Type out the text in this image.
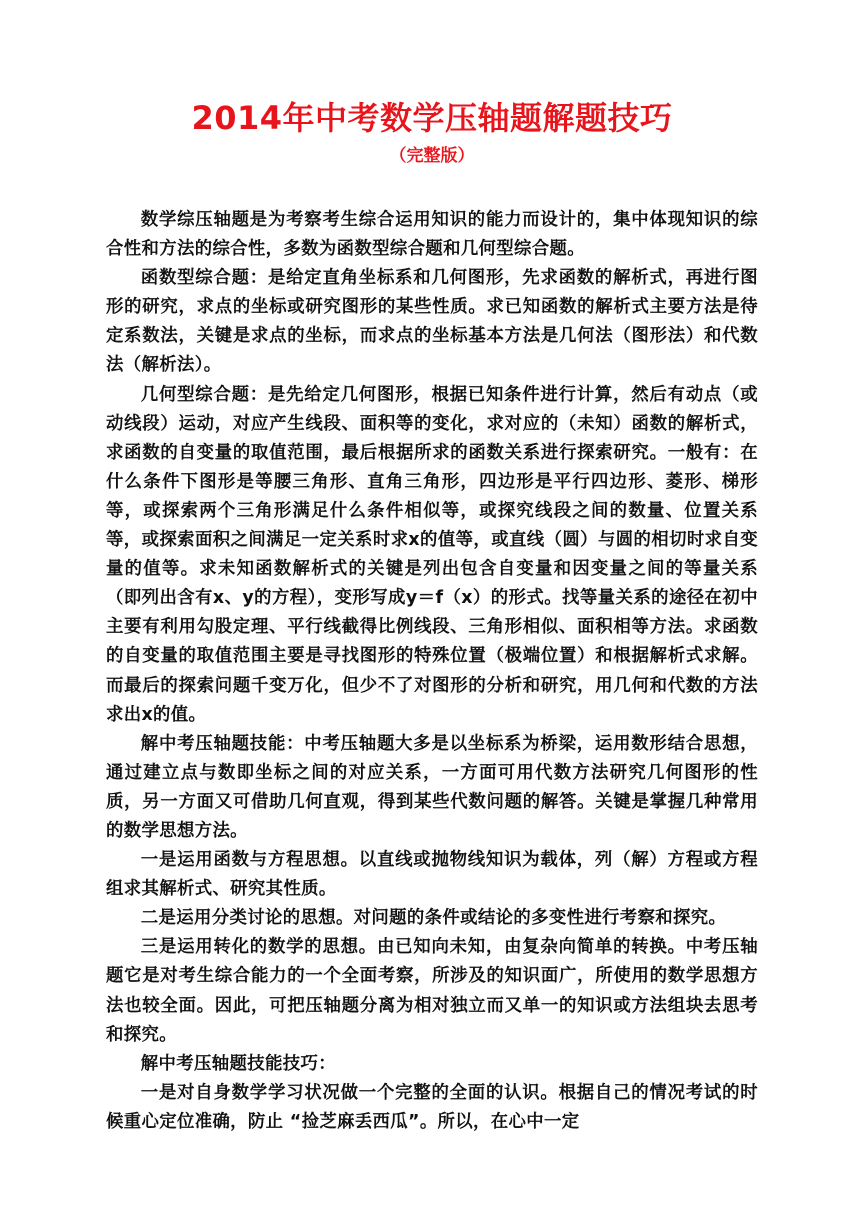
2014年中考数学压轴题解题技巧
（完整版）

数学综压轴题是为考察考生综合运用知识的能力而设计的，集中体现知识的综合性和方法的综合性，多数为函数型综合题和几何型综合题。

函数型综合题：是给定直角坐标系和几何图形，先求函数的解析式，再进行图形的研究，求点的坐标或研究图形的某些性质。求已知函数的解析式主要方法是待定系数法，关键是求点的坐标，而求点的坐标基本方法是几何法（图形法）和代数法（解析法）。

几何型综合题：是先给定几何图形，根据已知条件进行计算，然后有动点（或动线段）运动，对应产生线段、面积等的变化，求对应的（未知）函数的解析式，求函数的自变量的取值范围，最后根据所求的函数关系进行探索研究。一般有：在什么条件下图形是等腰三角形、直角三角形，四边形是平行四边形、菱形、梯形等，或探索两个三角形满足什么条件相似等，或探究线段之间的数量、位置关系等，或探索面积之间满足一定关系时求x的值等，或直线（圆）与圆的相切时求自变量的值等。求未知函数解析式的关键是列出包含自变量和因变量之间的等量关系（即列出含有x、y的方程），变形写成y＝f（x）的形式。找等量关系的途径在初中主要有利用勾股定理、平行线截得比例线段、三角形相似、面积相等方法。求函数的自变量的取值范围主要是寻找图形的特殊位置（极端位置）和根据解析式求解。而最后的探索问题千变万化，但少不了对图形的分析和研究，用几何和代数的方法求出x的值。

解中考压轴题技能：中考压轴题大多是以坐标系为桥梁，运用数形结合思想，通过建立点与数即坐标之间的对应关系，一方面可用代数方法研究几何图形的性质，另一方面又可借助几何直观，得到某些代数问题的解答。关键是掌握几种常用的数学思想方法。

一是运用函数与方程思想。以直线或抛物线知识为载体，列（解）方程或方程组求其解析式、研究其性质。

二是运用分类讨论的思想。对问题的条件或结论的多变性进行考察和探究。

三是运用转化的数学的思想。由已知向未知，由复杂向简单的转换。中考压轴题它是对考生综合能力的一个全面考察，所涉及的知识面广，所使用的数学思想方法也较全面。因此，可把压轴题分离为相对独立而又单一的知识或方法组块去思考和探究。

解中考压轴题技能技巧：

一是对自身数学学习状况做一个完整的全面的认识。根据自己的情况考试的时候重心定位准确，防止 “捡芝麻丢西瓜”。所以，在心中一定
